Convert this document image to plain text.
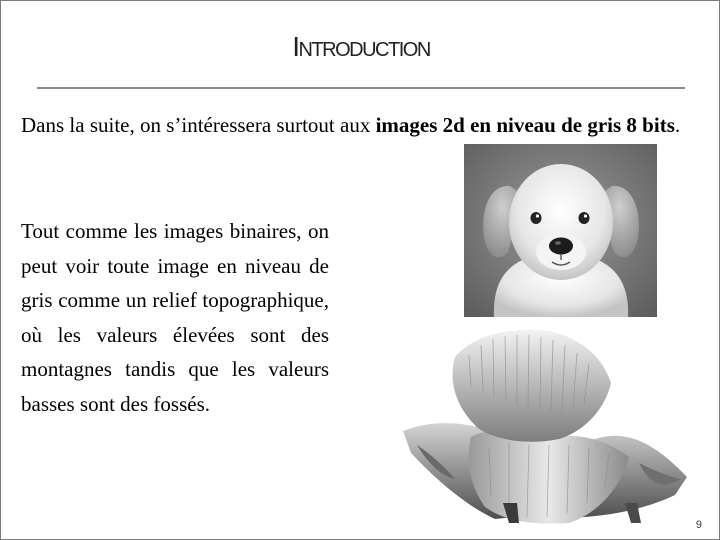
Introduction
Dans la suite, on s’intéressera surtout aux images 2d en niveau de gris 8 bits.
Tout comme les images binaires, on peut voir toute image en niveau de gris comme un relief topographique, où les valeurs élevées sont des montagnes tandis que les valeurs basses sont des fossés.
9
